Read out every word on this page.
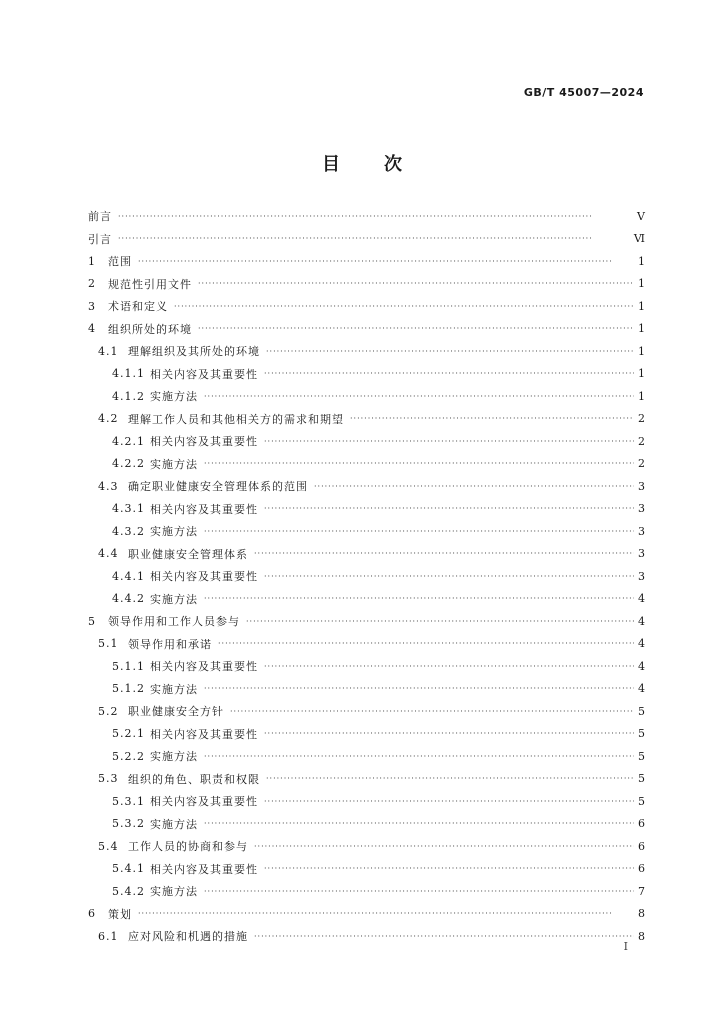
GB/T 45007—2024
目次
前言 ·····	Ⅴ
引言 ·····	Ⅵ
1 范围 ·····	1
2 规范性引用文件 ·····	1
3 术语和定义 ·····	1
4 组织所处的环境 ·····	1
4.1 理解组织及其所处的环境 ·····	1
4.1.1 相关内容及其重要性 ·····	1
4.1.2 实施方法 ·····	1
4.2 理解工作人员和其他相关方的需求和期望 ·····	2
4.2.1 相关内容及其重要性 ·····	2
4.2.2 实施方法 ·····	2
4.3 确定职业健康安全管理体系的范围 ·····	3
4.3.1 相关内容及其重要性 ·····	3
4.3.2 实施方法 ·····	3
4.4 职业健康安全管理体系 ·····	3
4.4.1 相关内容及其重要性 ·····	3
4.4.2 实施方法 ·····	4
5 领导作用和工作人员参与 ·····	4
5.1 领导作用和承诺 ·····	4
5.1.1 相关内容及其重要性 ·····	4
5.1.2 实施方法 ·····	4
5.2 职业健康安全方针 ·····	5
5.2.1 相关内容及其重要性 ·····	5
5.2.2 实施方法 ·····	5
5.3 组织的角色、职责和权限 ·····	5
5.3.1 相关内容及其重要性 ·····	5
5.3.2 实施方法 ·····	6
5.4 工作人员的协商和参与 ·····	6
5.4.1 相关内容及其重要性 ·····	6
5.4.2 实施方法 ·····	7
6 策划 ·····	8
6.1 应对风险和机遇的措施 ·····	8
I
